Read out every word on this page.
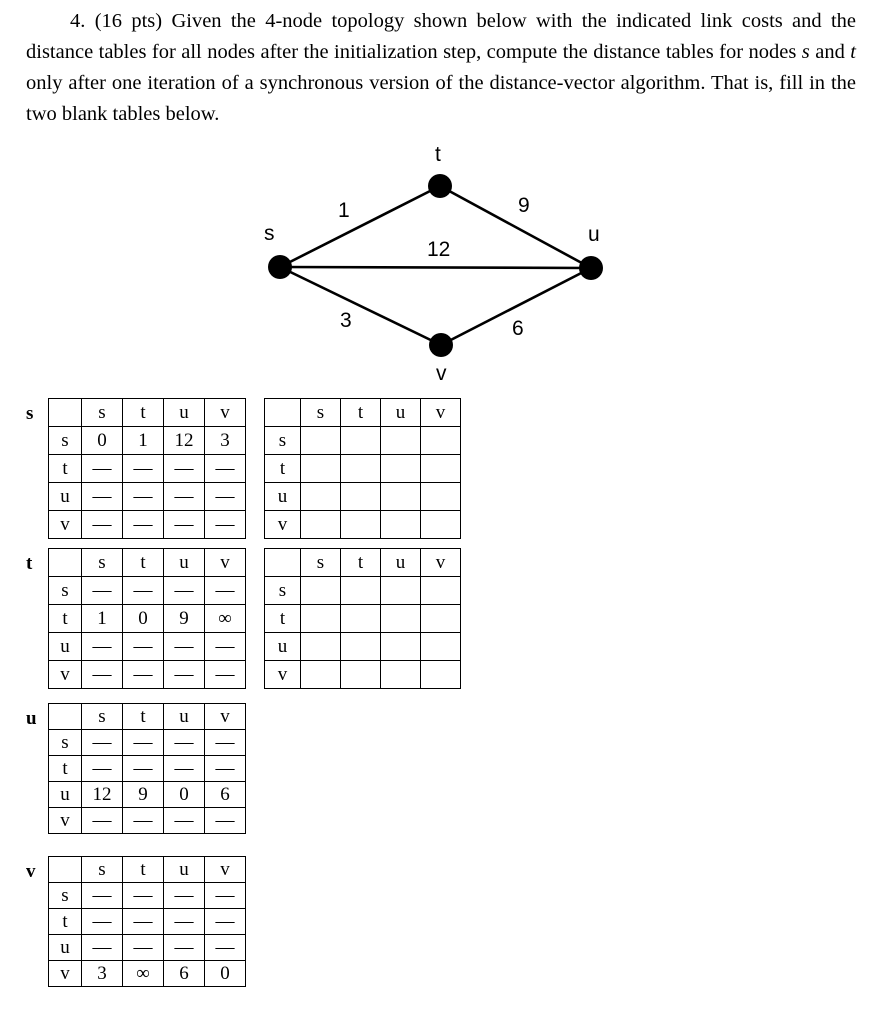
4. (16 pts) Given the 4-node topology shown below with the indicated link costs and the distance tables for all nodes after the initialization step, compute the distance tables for nodes s and t only after one iteration of a synchronous version of the distance-vector algorithm. That is, fill in the two blank tables below.
s
t
u
v
1	9
12
3	6
s
		s	t	u	v
s	0	1	12	3
t	—	—	—	—
u	—	—	—	—
v	—	—	—	—
	s	t	u	v
s				
t				
u				
v				
t
		s	t	u	v
s	—	—	—	—
t	1	0	9	∞
u	—	—	—	—
v	—	—	—	—
	s	t	u	v
s				
t				
u				
v				
u
		s	t	u	v
s	—	—	—	—
t	—	—	—	—
u	12	9	0	6
v	—	—	—	—
v
		s	t	u	v
s	—	—	—	—
t	—	—	—	—
u	—	—	—	—
v	3	∞	6	0
